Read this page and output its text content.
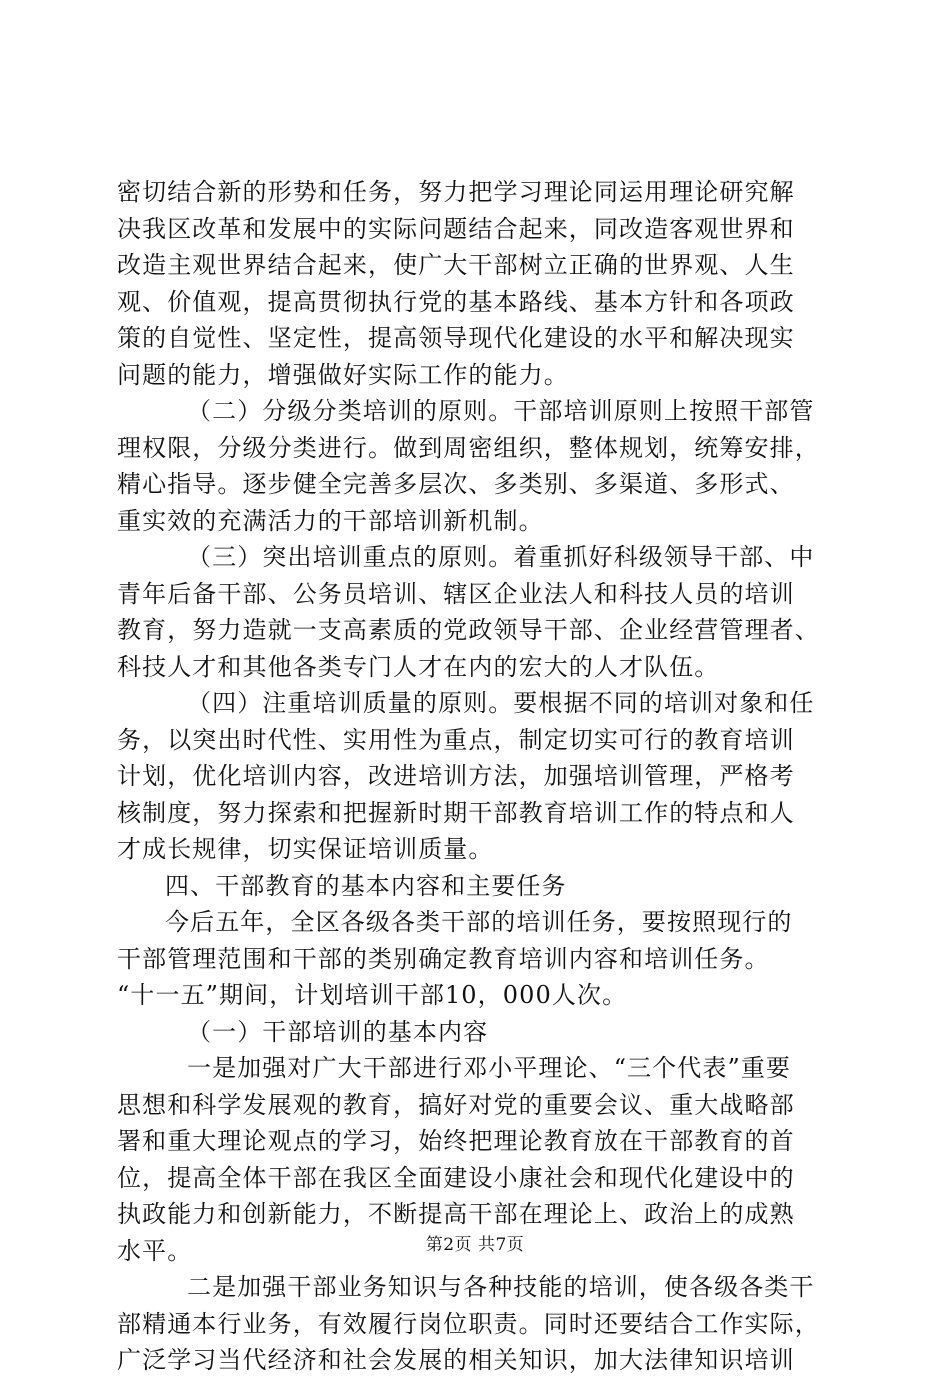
密切结合新的形势和任务，努力把学习理论同运用理论研究解
决我区改革和发展中的实际问题结合起来，同改造客观世界和
改造主观世界结合起来，使广大干部树立正确的世界观、人生
观、价值观，提高贯彻执行党的基本路线、基本方针和各项政
策的自觉性、坚定性，提高领导现代化建设的水平和解决现实
问题的能力，增强做好实际工作的能力。
（二）分级分类培训的原则。干部培训原则上按照干部管
理权限，分级分类进行。做到周密组织，整体规划，统筹安排，
精心指导。逐步健全完善多层次、多类别、多渠道、多形式、
重实效的充满活力的干部培训新机制。
（三）突出培训重点的原则。着重抓好科级领导干部、中
青年后备干部、公务员培训、辖区企业法人和科技人员的培训
教育，努力造就一支高素质的党政领导干部、企业经营管理者、
科技人才和其他各类专门人才在内的宏大的人才队伍。
（四）注重培训质量的原则。要根据不同的培训对象和任
务，以突出时代性、实用性为重点，制定切实可行的教育培训
计划，优化培训内容，改进培训方法，加强培训管理，严格考
核制度，努力探索和把握新时期干部教育培训工作的特点和人
才成长规律，切实保证培训质量。
四、干部教育的基本内容和主要任务
今后五年，全区各级各类干部的培训任务，要按照现行的
干部管理范围和干部的类别确定教育培训内容和培训任务。
“十一五”期间，计划培训干部10，000人次。
（一）干部培训的基本内容
一是加强对广大干部进行邓小平理论、“三个代表”重要
思想和科学发展观的教育，搞好对党的重要会议、重大战略部
署和重大理论观点的学习，始终把理论教育放在干部教育的首
位，提高全体干部在我区全面建设小康社会和现代化建设中的
执政能力和创新能力，不断提高干部在理论上、政治上的成熟
水平。
二是加强干部业务知识与各种技能的培训，使各级各类干
部精通本行业务，有效履行岗位职责。同时还要结合工作实际，
广泛学习当代经济和社会发展的相关知识，加大法律知识培训
第2页 共7页
